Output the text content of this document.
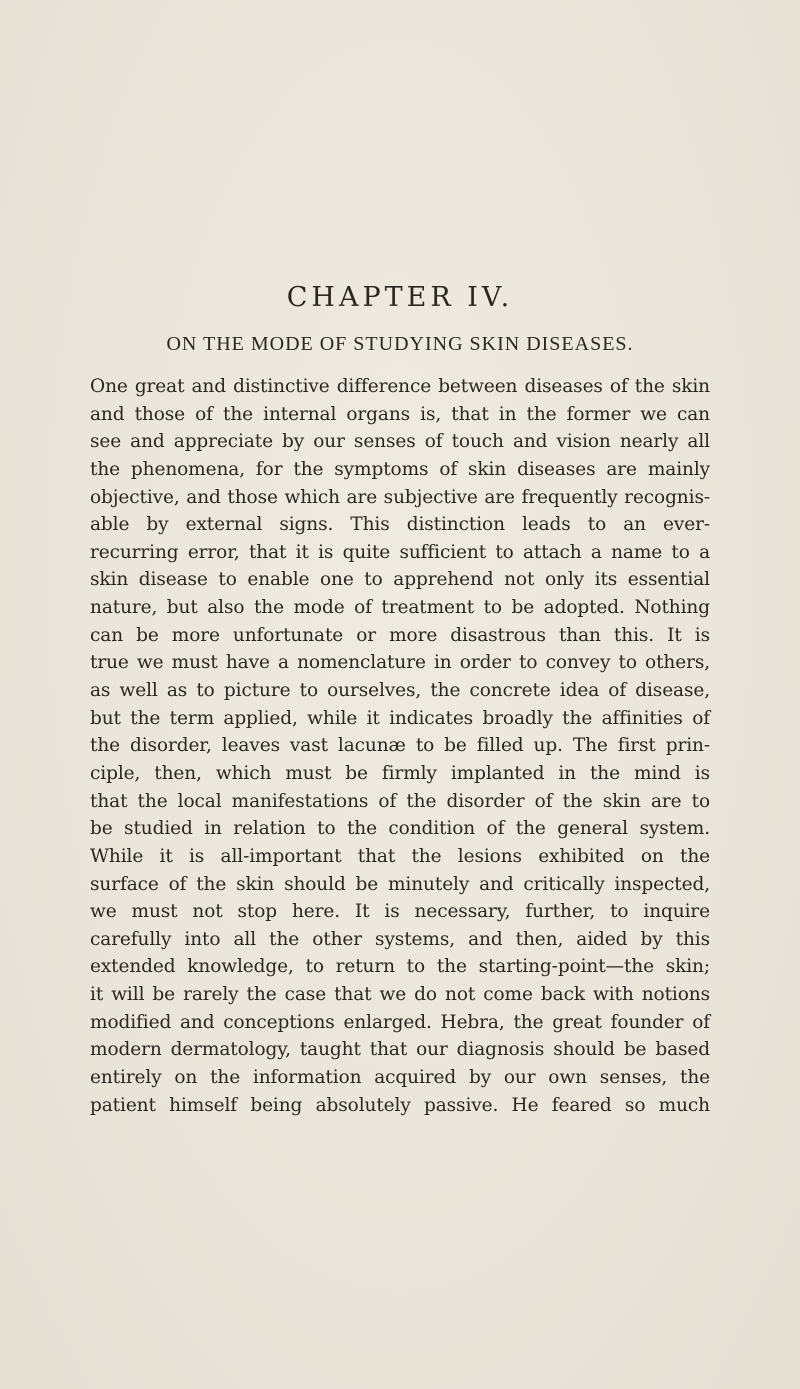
CHAPTER IV.
ON THE MODE OF STUDYING SKIN DISEASES.
One great and distinctive difference between diseases of the skin
and those of the internal organs is, that in the former we can
see and appreciate by our senses of touch and vision nearly all
the phenomena, for the symptoms of skin diseases are mainly
objective, and those which are subjective are frequently recognis-
able by external signs. This distinction leads to an ever-
recurring error, that it is quite sufficient to attach a name to a
skin disease to enable one to apprehend not only its essential
nature, but also the mode of treatment to be adopted. Nothing
can be more unfortunate or more disastrous than this. It is
true we must have a nomenclature in order to convey to others,
as well as to picture to ourselves, the concrete idea of disease,
but the term applied, while it indicates broadly the affinities of
the disorder, leaves vast lacunæ to be filled up. The first prin-
ciple, then, which must be firmly implanted in the mind is
that the local manifestations of the disorder of the skin are to
be studied in relation to the condition of the general system.
While it is all-important that the lesions exhibited on the
surface of the skin should be minutely and critically inspected,
we must not stop here. It is necessary, further, to inquire
carefully into all the other systems, and then, aided by this
extended knowledge, to return to the starting-point—the skin;
it will be rarely the case that we do not come back with notions
modified and conceptions enlarged. Hebra, the great founder of
modern dermatology, taught that our diagnosis should be based
entirely on the information acquired by our own senses, the
patient himself being absolutely passive. He feared so much
